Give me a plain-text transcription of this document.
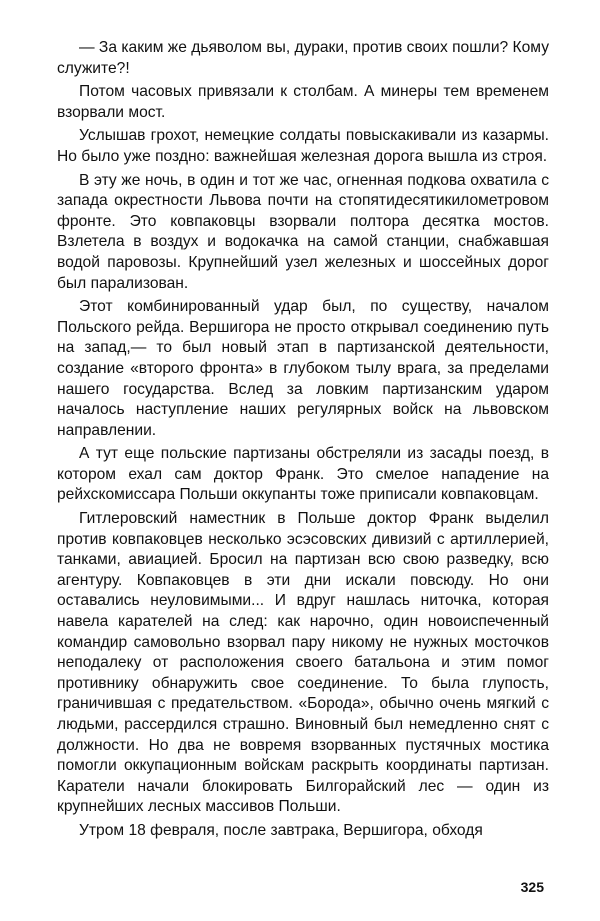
— За каким же дьяволом вы, дураки, против своих пошли? Кому служите?!

Потом часовых привязали к столбам. А минеры тем временем взорвали мост.

Услышав грохот, немецкие солдаты повыскакивали из казармы. Но было уже поздно: важнейшая железная дорога вышла из строя.

В эту же ночь, в один и тот же час, огненная подкова охватила с запада окрестности Львова почти на стопятидесятикилометровом фронте. Это ковпаковцы взорвали полтора десятка мостов. Взлетела в воздух и водокачка на самой станции, снабжавшая водой паровозы. Крупнейший узел железных и шоссейных дорог был парализован.

Этот комбинированный удар был, по существу, началом Польского рейда. Вершигора не просто открывал соединению путь на запад,— то был новый этап в партизанской деятельности, создание «второго фронта» в глубоком тылу врага, за пределами нашего государства. Вслед за ловким партизанским ударом началось наступление наших регулярных войск на львовском направлении.

А тут еще польские партизаны обстреляли из засады поезд, в котором ехал сам доктор Франк. Это смелое нападение на рейхскомиссара Польши оккупанты тоже приписали ковпаковцам.

Гитлеровский наместник в Польше доктор Франк выделил против ковпаковцев несколько эсэсовских дивизий с артиллерией, танками, авиацией. Бросил на партизан всю свою разведку, всю агентуру. Ковпаковцев в эти дни искали повсюду. Но они оставались неуловимыми... И вдруг нашлась ниточка, которая навела карателей на след: как нарочно, один новоиспеченный командир самовольно взорвал пару никому не нужных мосточков неподалеку от расположения своего батальона и этим помог противнику обнаружить свое соединение. То была глупость, граничившая с предательством. «Борода», обычно очень мягкий с людьми, рассердился страшно. Виновный был немедленно снят с должности. Но два не вовремя взорванных пустячных мостика помогли оккупационным войскам раскрыть координаты партизан. Каратели начали блокировать Билгорайский лес — один из крупнейших лесных массивов Польши.

Утром 18 февраля, после завтрака, Вершигора, обходя

325
